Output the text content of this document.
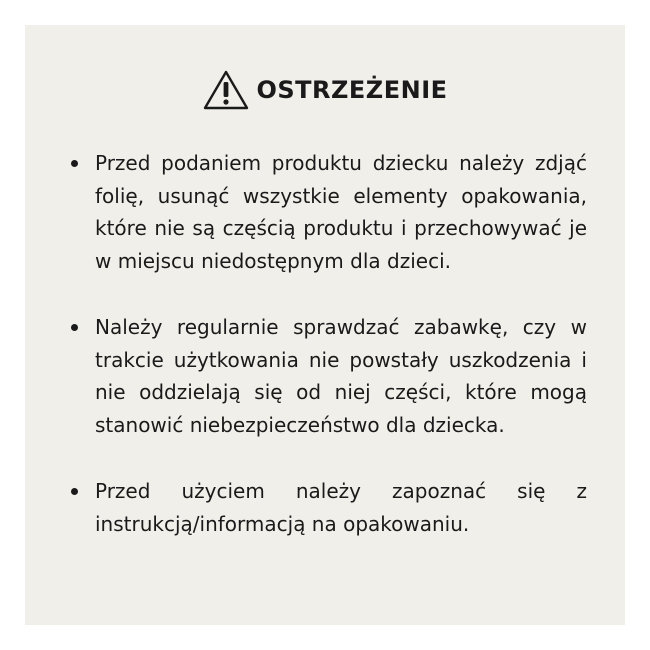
OSTRZEŻENIE
Przed podaniem produktu dziecku należy zdjąć folię, usunąć wszystkie elementy opakowania, które nie są częścią produktu i przechowywać je w miejscu niedostępnym dla dzieci.
Należy regularnie sprawdzać zabawkę, czy w trakcie użytkowania nie powstały uszkodzenia i nie oddzielają się od niej części, które mogą stanowić niebezpieczeństwo dla dziecka.
Przed użyciem należy zapoznać się z instrukcją/informacją na opakowaniu.
